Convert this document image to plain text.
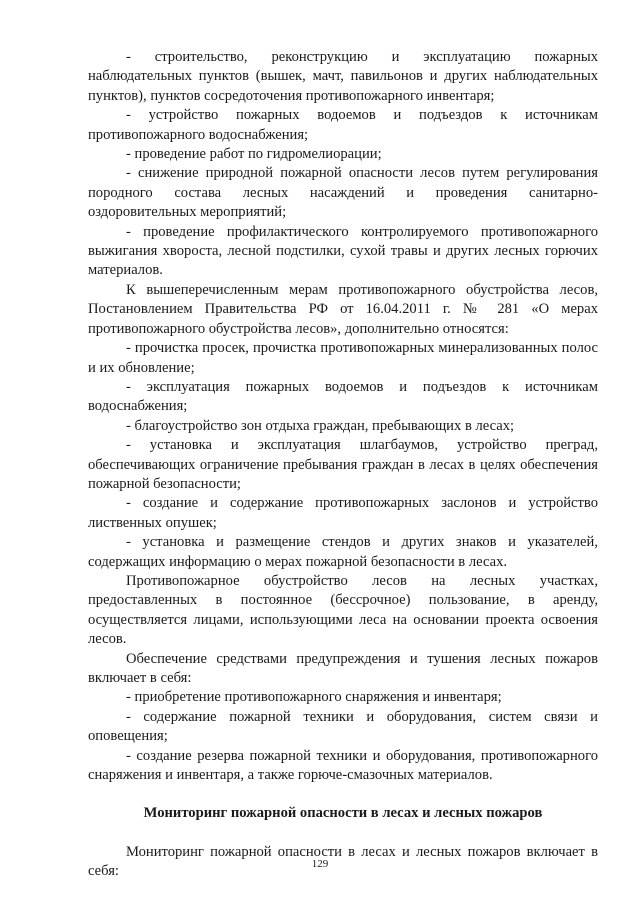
- строительство, реконструкцию и эксплуатацию пожарных наблюдательных пунктов (вышек, мачт, павильонов и других наблюдательных пунктов), пунктов сосредоточения противопожарного инвентаря;

- устройство пожарных водоемов и подъездов к источникам противопожарного водоснабжения;

- проведение работ по гидромелиорации;

- снижение природной пожарной опасности лесов путем регулирования породного состава лесных насаждений и проведения санитарно-оздоровительных мероприятий;

- проведение профилактического контролируемого противопожарного выжигания хвороста, лесной подстилки, сухой травы и других лесных горючих материалов.

К вышеперечисленным мерам противопожарного обустройства лесов, Постановлением Правительства РФ от 16.04.2011 г. № 281 «О мерах противопожарного обустройства лесов», дополнительно относятся:

- прочистка просек, прочистка противопожарных минерализованных полос и их обновление;

- эксплуатация пожарных водоемов и подъездов к источникам водоснабжения;

- благоустройство зон отдыха граждан, пребывающих в лесах;

- установка и эксплуатация шлагбаумов, устройство преград, обеспечивающих ограничение пребывания граждан в лесах в целях обеспечения пожарной безопасности;

- создание и содержание противопожарных заслонов и устройство лиственных опушек;

- установка и размещение стендов и других знаков и указателей, содержащих информацию о мерах пожарной безопасности в лесах.

Противопожарное обустройство лесов на лесных участках, предоставленных в постоянное (бессрочное) пользование, в аренду, осуществляется лицами, использующими леса на основании проекта освоения лесов.

Обеспечение средствами предупреждения и тушения лесных пожаров включает в себя:

- приобретение противопожарного снаряжения и инвентаря;

- содержание пожарной техники и оборудования, систем связи и оповещения;

- создание резерва пожарной техники и оборудования, противопожарного снаряжения и инвентаря, а также горюче-смазочных материалов.

Мониторинг пожарной опасности в лесах и лесных пожаров

Мониторинг пожарной опасности в лесах и лесных пожаров включает в себя:	129
